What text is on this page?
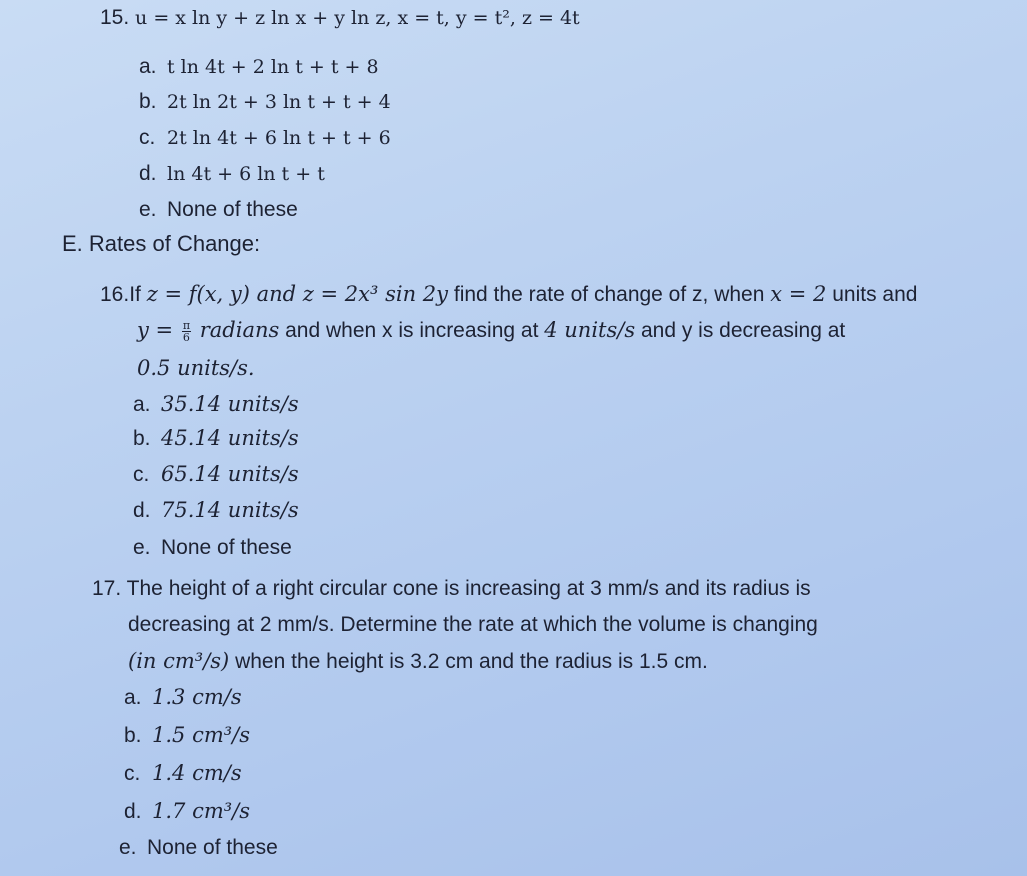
15. u = x ln y + z ln x + y ln z, x = t, y = t², z = 4t
a. t ln 4t + 2 ln t + t + 8
b. 2t ln 2t + 3 ln t + t + 4
c. 2t ln 4t + 6 ln t + t + 6
d. ln 4t + 6 ln t + t
e. None of these
E. Rates of Change:
16.If z = f(x, y) and z = 2x³ sin 2y find the rate of change of z, when x = 2 units and
$y = \frac{\pi}{6}$ radians and when x is increasing at 4 units/s and y is decreasing at
0.5 units/s.
a. 35.14 units/s
b. 45.14 units/s
c. 65.14 units/s
d. 75.14 units/s
e. None of these
17. The height of a right circular cone is increasing at 3 mm/s and its radius is
decreasing at 2 mm/s. Determine the rate at which the volume is changing
(in cm³/s) when the height is 3.2 cm and the radius is 1.5 cm.
a. 1.3 cm/s
b. 1.5 cm³/s
c. 1.4 cm/s
d. 1.7 cm³/s
e. None of these
